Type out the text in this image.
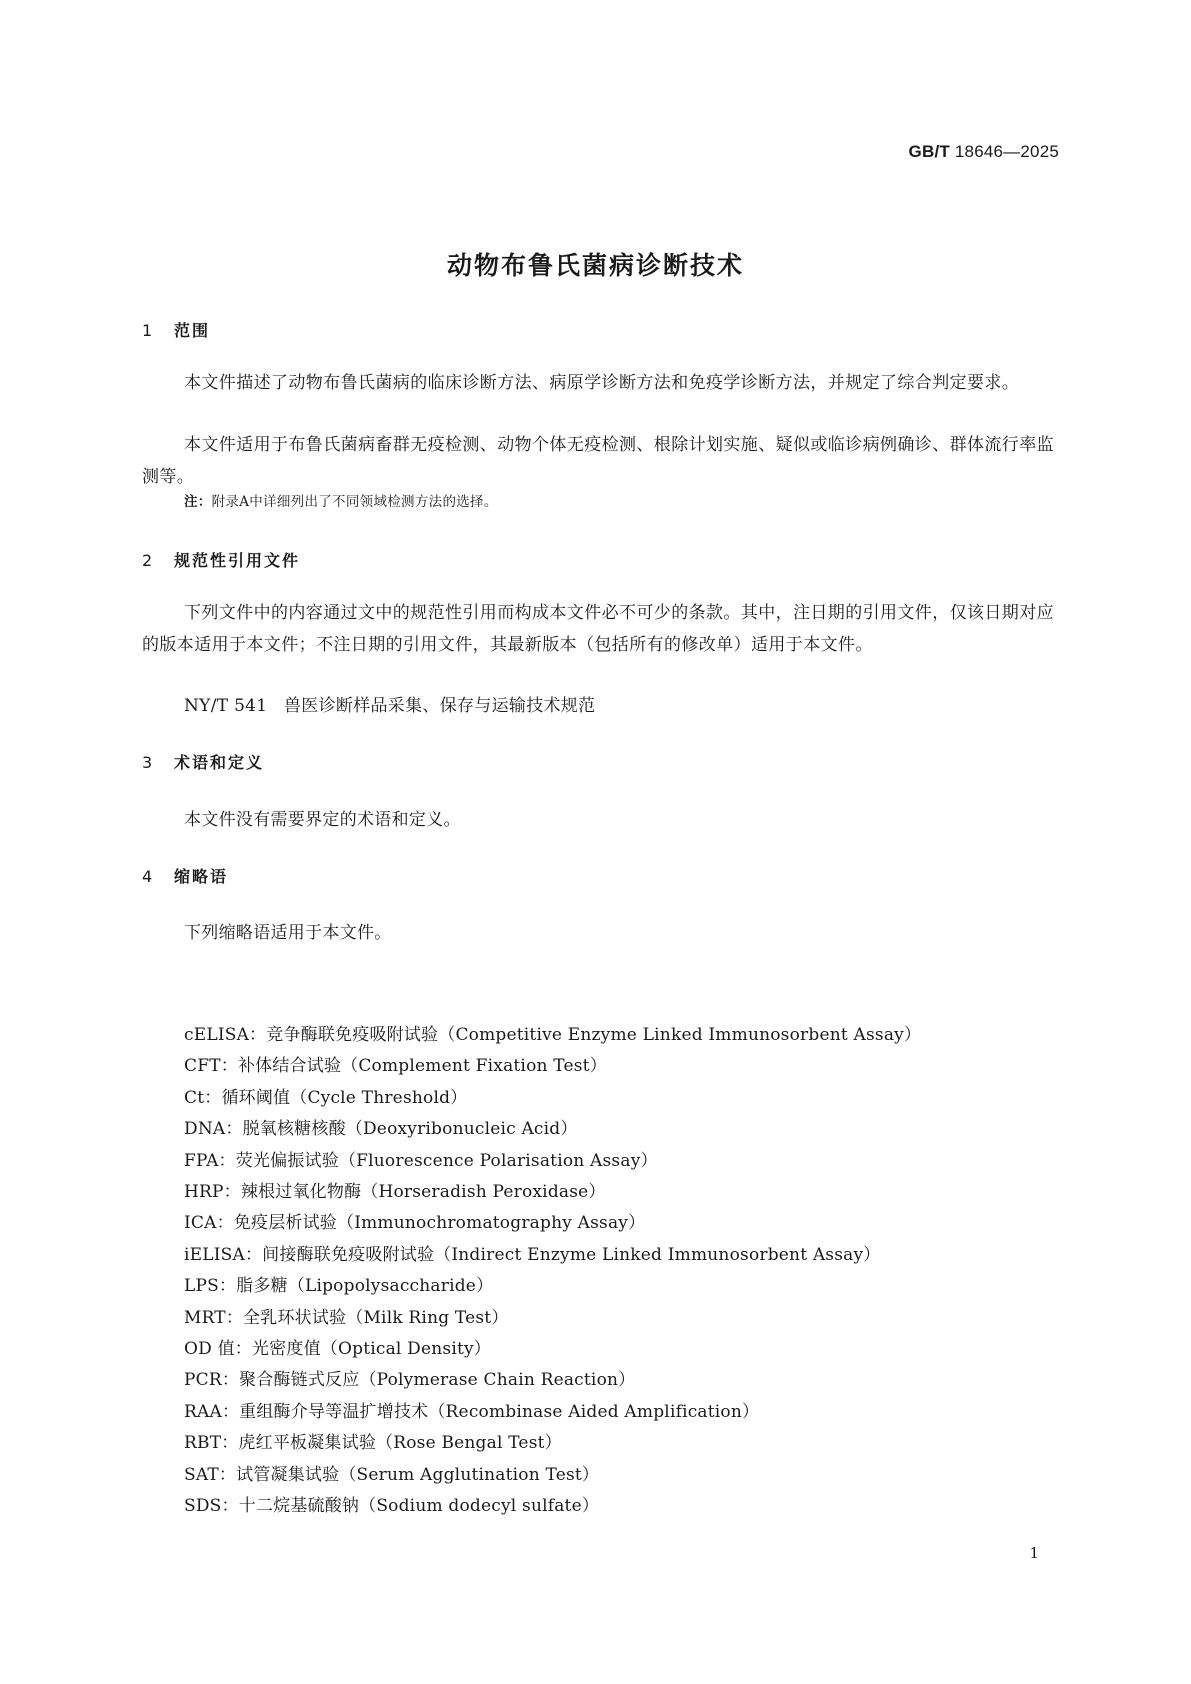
GB/T 18646—2025
动物布鲁氏菌病诊断技术
1 范围
本文件描述了动物布鲁氏菌病的临床诊断方法、病原学诊断方法和免疫学诊断方法，并规定了综合判定要求。
本文件适用于布鲁氏菌病畜群无疫检测、动物个体无疫检测、根除计划实施、疑似或临诊病例确诊、群体流行率监测等。
注：附录A中详细列出了不同领域检测方法的选择。
2 规范性引用文件
下列文件中的内容通过文中的规范性引用而构成本文件必不可少的条款。其中，注日期的引用文件，仅该日期对应的版本适用于本文件；不注日期的引用文件，其最新版本（包括所有的修改单）适用于本文件。
NY/T 541 兽医诊断样品采集、保存与运输技术规范
3 术语和定义
本文件没有需要界定的术语和定义。
4 缩略语
下列缩略语适用于本文件。
cELISA：竞争酶联免疫吸附试验（Competitive Enzyme Linked Immunosorbent Assay）
CFT：补体结合试验（Complement Fixation Test）
Ct：循环阈值（Cycle Threshold）
DNA：脱氧核糖核酸（Deoxyribonucleic Acid）
FPA：荧光偏振试验（Fluorescence Polarisation Assay）
HRP：辣根过氧化物酶（Horseradish Peroxidase）
ICA：免疫层析试验（Immunochromatography Assay）
iELISA：间接酶联免疫吸附试验（Indirect Enzyme Linked Immunosorbent Assay）
LPS：脂多糖（Lipopolysaccharide）
MRT：全乳环状试验（Milk Ring Test）
OD 值：光密度值（Optical Density）
PCR：聚合酶链式反应（Polymerase Chain Reaction）
RAA：重组酶介导等温扩增技术（Recombinase Aided Amplification）
RBT：虎红平板凝集试验（Rose Bengal Test）
SAT：试管凝集试验（Serum Agglutination Test）
SDS：十二烷基硫酸钠（Sodium dodecyl sulfate）
1
